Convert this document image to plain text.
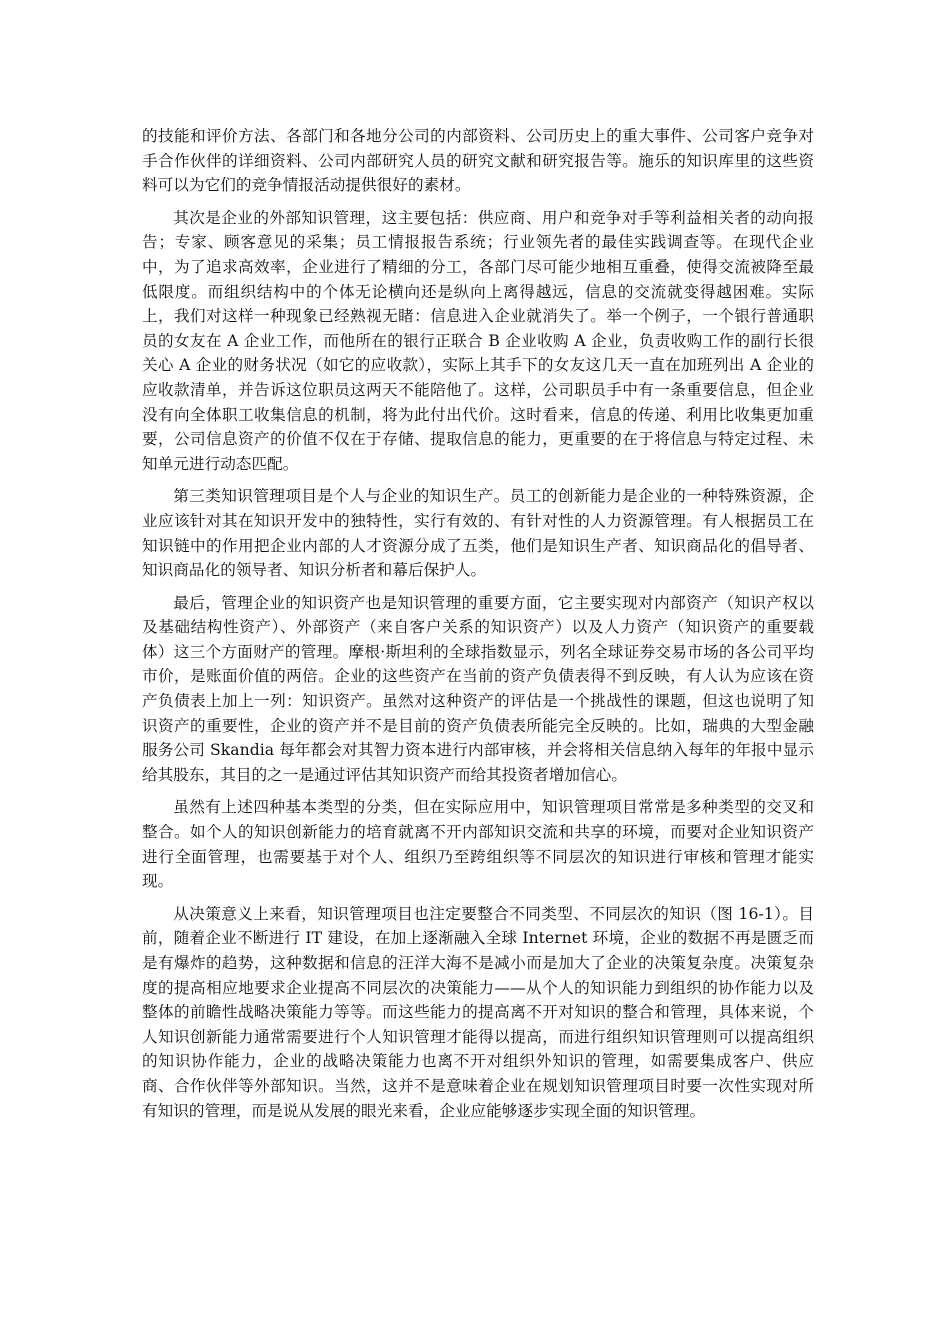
的技能和评价方法、各部门和各地分公司的内部资料、公司历史上的重大事件、公司客户竞争对手合作伙伴的详细资料、公司内部研究人员的研究文献和研究报告等。施乐的知识库里的这些资料可以为它们的竞争情报活动提供很好的素材。

其次是企业的外部知识管理，这主要包括：供应商、用户和竞争对手等利益相关者的动向报告；专家、顾客意见的采集；员工情报报告系统；行业领先者的最佳实践调查等。在现代企业中，为了追求高效率，企业进行了精细的分工，各部门尽可能少地相互重叠，使得交流被降至最低限度。而组织结构中的个体无论横向还是纵向上离得越远，信息的交流就变得越困难。实际上，我们对这样一种现象已经熟视无睹：信息进入企业就消失了。举一个例子，一个银行普通职员的女友在 A 企业工作，而他所在的银行正联合 B 企业收购 A 企业，负责收购工作的副行长很关心 A 企业的财务状况（如它的应收款），实际上其手下的女友这几天一直在加班列出 A 企业的应收款清单，并告诉这位职员这两天不能陪他了。这样，公司职员手中有一条重要信息，但企业没有向全体职工收集信息的机制，将为此付出代价。这时看来，信息的传递、利用比收集更加重要，公司信息资产的价值不仅在于存储、提取信息的能力，更重要的在于将信息与特定过程、未知单元进行动态匹配。

第三类知识管理项目是个人与企业的知识生产。员工的创新能力是企业的一种特殊资源，企业应该针对其在知识开发中的独特性，实行有效的、有针对性的人力资源管理。有人根据员工在知识链中的作用把企业内部的人才资源分成了五类，他们是知识生产者、知识商品化的倡导者、知识商品化的领导者、知识分析者和幕后保护人。

最后，管理企业的知识资产也是知识管理的重要方面，它主要实现对内部资产（知识产权以及基础结构性资产）、外部资产（来自客户关系的知识资产）以及人力资产（知识资产的重要载体）这三个方面财产的管理。摩根·斯坦利的全球指数显示，列名全球证券交易市场的各公司平均市价，是账面价值的两倍。企业的这些资产在当前的资产负债表得不到反映，有人认为应该在资产负债表上加上一列：知识资产。虽然对这种资产的评估是一个挑战性的课题，但这也说明了知识资产的重要性，企业的资产并不是目前的资产负债表所能完全反映的。比如，瑞典的大型金融服务公司 Skandia 每年都会对其智力资本进行内部审核，并会将相关信息纳入每年的年报中显示给其股东，其目的之一是通过评估其知识资产而给其投资者增加信心。

虽然有上述四种基本类型的分类，但在实际应用中，知识管理项目常常是多种类型的交叉和整合。如个人的知识创新能力的培育就离不开内部知识交流和共享的环境，而要对企业知识资产进行全面管理，也需要基于对个人、组织乃至跨组织等不同层次的知识进行审核和管理才能实现。

从决策意义上来看，知识管理项目也注定要整合不同类型、不同层次的知识（图 16-1）。目前，随着企业不断进行 IT 建设，在加上逐渐融入全球 Internet 环境，企业的数据不再是匮乏而是有爆炸的趋势，这种数据和信息的汪洋大海不是减小而是加大了企业的决策复杂度。决策复杂度的提高相应地要求企业提高不同层次的决策能力——从个人的知识能力到组织的协作能力以及整体的前瞻性战略决策能力等等。而这些能力的提高离不开对知识的整合和管理，具体来说，个人知识创新能力通常需要进行个人知识管理才能得以提高，而进行组织知识管理则可以提高组织的知识协作能力，企业的战略决策能力也离不开对组织外知识的管理，如需要集成客户、供应商、合作伙伴等外部知识。当然，这并不是意味着企业在规划知识管理项目时要一次性实现对所有知识的管理，而是说从发展的眼光来看，企业应能够逐步实现全面的知识管理。
